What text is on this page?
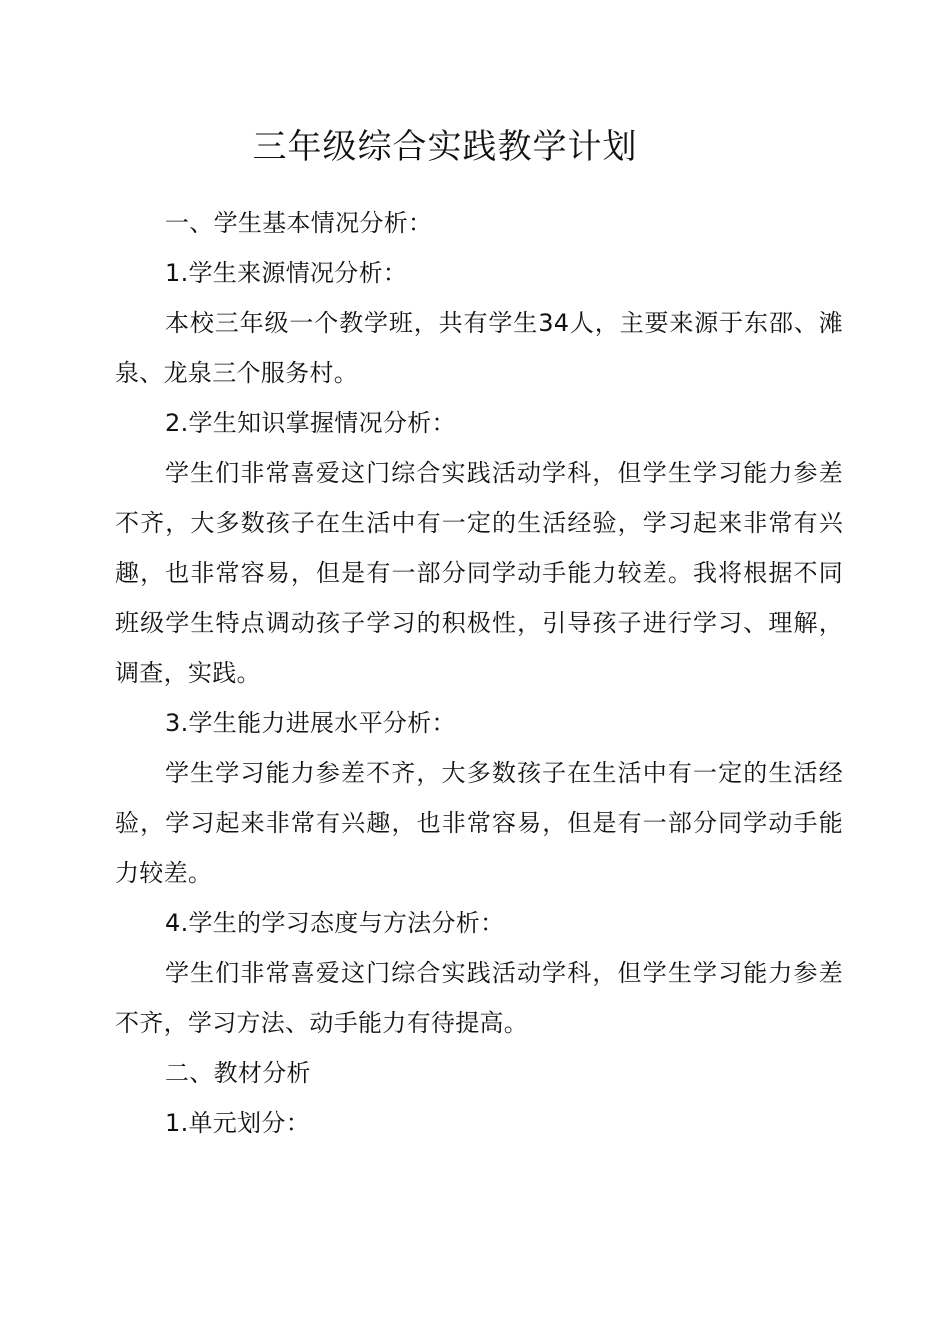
三年级综合实践教学计划

一、学生基本情况分析：

1.学生来源情况分析：

本校三年级一个教学班，共有学生34人，主要来源于东邵、滩泉、龙泉三个服务村。

2.学生知识掌握情况分析：

学生们非常喜爱这门综合实践活动学科，但学生学习能力参差不齐，大多数孩子在生活中有一定的生活经验，学习起来非常有兴趣，也非常容易，但是有一部分同学动手能力较差。我将根据不同班级学生特点调动孩子学习的积极性，引导孩子进行学习、理解，调查，实践。

3.学生能力进展水平分析：

学生学习能力参差不齐，大多数孩子在生活中有一定的生活经验，学习起来非常有兴趣，也非常容易，但是有一部分同学动手能力较差。

4.学生的学习态度与方法分析：

学生们非常喜爱这门综合实践活动学科，但学生学习能力参差不齐，学习方法、动手能力有待提高。

二、教材分析

1.单元划分：
